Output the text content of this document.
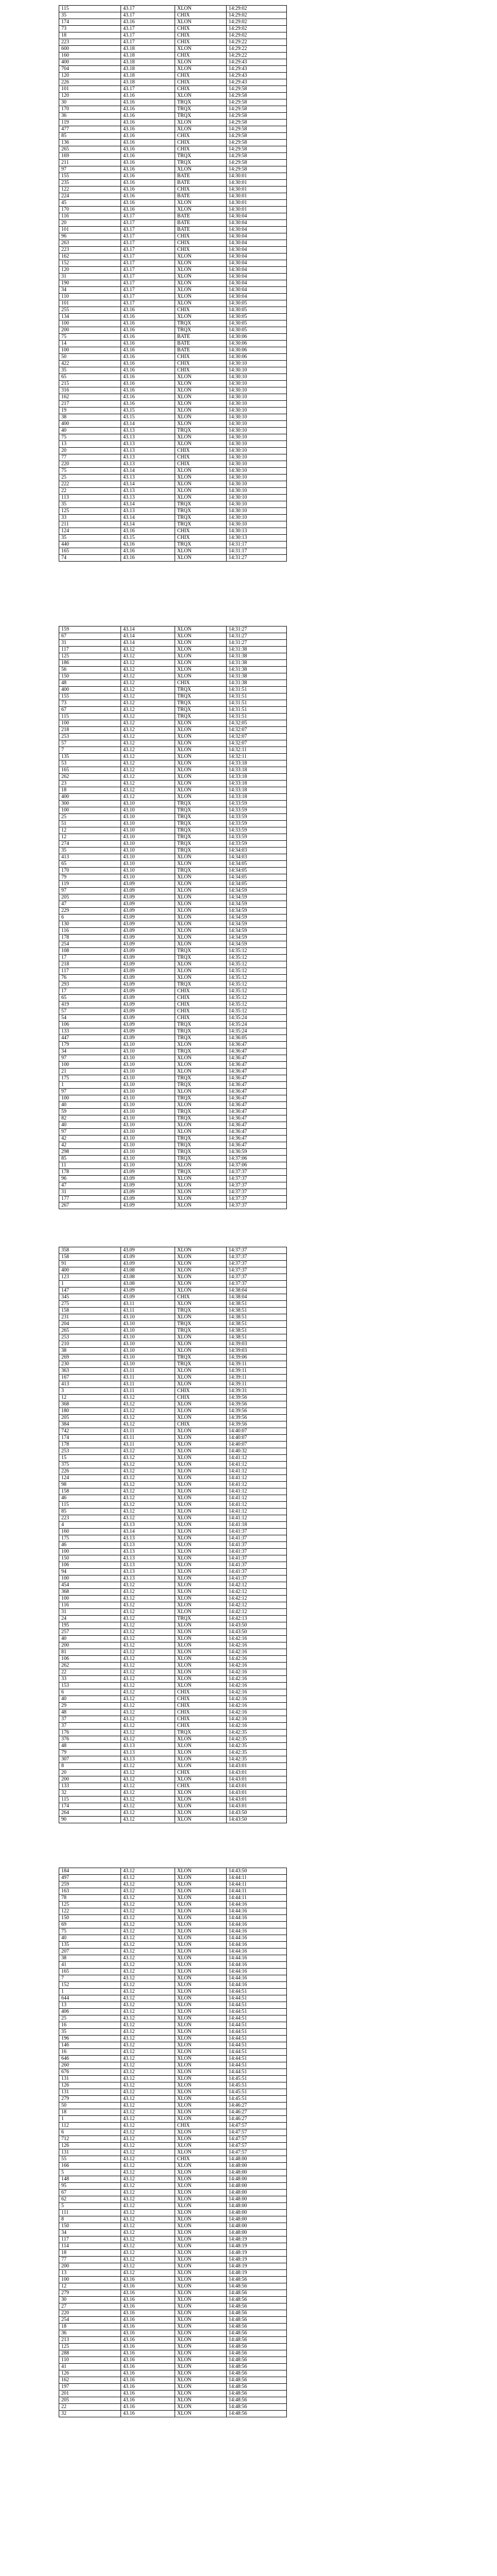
115	43.17	XLON	14:29:02
35	43.17	CHIX	14:29:02
174	43.16	XLON	14:29:02
73	43.17	CHIX	14:29:02
18	43.17	CHIX	14:29:02
223	43.17	CHIX	14:29:22
600	43.18	XLON	14:29:22
160	43.18	CHIX	14:29:22
400	43.18	XLON	14:29:43
704	43.18	XLON	14:29:43
120	43.18	CHIX	14:29:43
226	43.18	CHIX	14:29:43
101	43.17	CHIX	14:29:58
120	43.16	XLON	14:29:58
30	43.16	TRQX	14:29:58
170	43.16	TRQX	14:29:58
36	43.16	TRQX	14:29:58
119	43.16	XLON	14:29:58
477	43.16	XLON	14:29:58
85	43.16	CHIX	14:29:58
136	43.16	CHIX	14:29:58
265	43.16	CHIX	14:29:58
169	43.16	TRQX	14:29:58
211	43.16	TRQX	14:29:58
97	43.16	XLON	14:29:58
155	43.16	BATE	14:30:01
235	43.16	BATE	14:30:01
122	43.16	CHIX	14:30:01
224	43.16	BATE	14:30:01
45	43.16	XLON	14:30:01
170	43.16	XLON	14:30:01
116	43.17	BATE	14:30:04
20	43.17	BATE	14:30:04
101	43.17	BATE	14:30:04
96	43.17	CHIX	14:30:04
263	43.17	CHIX	14:30:04
223	43.17	CHIX	14:30:04
162	43.17	XLON	14:30:04
152	43.17	XLON	14:30:04
120	43.17	XLON	14:30:04
31	43.17	XLON	14:30:04
190	43.17	XLON	14:30:04
34	43.17	XLON	14:30:04
110	43.17	XLON	14:30:04
101	43.17	XLON	14:30:05
255	43.16	CHIX	14:30:05
134	43.16	XLON	14:30:05
100	43.16	TRQX	14:30:05
200	43.16	TRQX	14:30:05
75	43.16	BATE	14:30:06
14	43.16	BATE	14:30:06
100	43.16	BATE	14:30:06
50	43.16	CHIX	14:30:06
422	43.16	CHIX	14:30:10
35	43.16	CHIX	14:30:10
65	43.16	XLON	14:30:10
215	43.16	XLON	14:30:10
316	43.16	XLON	14:30:10
162	43.16	XLON	14:30:10
217	43.16	XLON	14:30:10
19	43.15	XLON	14:30:10
38	43.15	XLON	14:30:10
400	43.14	XLON	14:30:10
40	43.13	TRQX	14:30:10
75	43.13	XLON	14:30:10
13	43.13	XLON	14:30:10
20	43.13	CHIX	14:30:10
77	43.13	CHIX	14:30:10
220	43.13	CHIX	14:30:10
75	43.14	XLON	14:30:10
25	43.13	XLON	14:30:10
222	43.14	XLON	14:30:10
22	43.13	XLON	14:30:10
113	43.13	XLON	14:30:10
35	43.14	TRQX	14:30:10
125	43.13	TRQX	14:30:10
33	43.14	TRQX	14:30:10
211	43.14	TRQX	14:30:10
124	43.16	CHIX	14:30:13
35	43.15	CHIX	14:30:13
440	43.16	TRQX	14:31:17
165	43.16	XLON	14:31:17
74	43.16	XLON	14:31:27
159	43.14	XLON	14:31:27
67	43.14	XLON	14:31:27
31	43.14	XLON	14:31:27
117	43.12	XLON	14:31:38
125	43.12	XLON	14:31:38
186	43.12	XLON	14:31:38
56	43.12	XLON	14:31:38
150	43.12	XLON	14:31:38
48	43.12	CHIX	14:31:38
400	43.12	TRQX	14:31:51
155	43.12	TRQX	14:31:51
73	43.12	TRQX	14:31:51
67	43.12	TRQX	14:31:51
115	43.12	TRQX	14:31:51
100	43.12	XLON	14:32:05
218	43.12	XLON	14:32:07
253	43.12	XLON	14:32:07
57	43.12	XLON	14:32:07
7	43.12	XLON	14:32:11
135	43.12	XLON	14:32:11
53	43.12	XLON	14:33:18
165	43.12	XLON	14:33:18
262	43.12	XLON	14:33:18
23	43.12	XLON	14:33:18
18	43.12	XLON	14:33:18
400	43.12	XLON	14:33:18
300	43.10	TRQX	14:33:59
100	43.10	TRQX	14:33:59
25	43.10	TRQX	14:33:59
51	43.10	TRQX	14:33:59
12	43.10	TRQX	14:33:59
12	43.10	TRQX	14:33:59
274	43.10	TRQX	14:33:59
35	43.10	TRQX	14:34:03
413	43.10	XLON	14:34:03
65	43.10	XLON	14:34:05
170	43.10	TRQX	14:34:05
79	43.10	XLON	14:34:05
119	43.09	XLON	14:34:05
97	43.09	XLON	14:34:59
205	43.09	XLON	14:34:59
47	43.09	XLON	14:34:59
229	43.09	XLON	14:34:59
6	43.09	XLON	14:34:59
130	43.09	XLON	14:34:59
116	43.09	XLON	14:34:59
178	43.09	XLON	14:34:59
254	43.09	XLON	14:34:59
108	43.09	TRQX	14:35:12
17	43.09	TRQX	14:35:12
218	43.09	XLON	14:35:12
117	43.09	XLON	14:35:12
76	43.09	XLON	14:35:12
293	43.09	TRQX	14:35:12
17	43.09	CHIX	14:35:12
65	43.09	CHIX	14:35:12
419	43.09	CHIX	14:35:12
57	43.09	CHIX	14:35:12
54	43.09	CHIX	14:35:24
106	43.09	TRQX	14:35:24
133	43.09	TRQX	14:35:24
447	43.09	TRQX	14:36:05
179	43.10	XLON	14:36:47
34	43.10	TRQX	14:36:47
97	43.10	XLON	14:36:47
100	43.10	XLON	14:36:47
21	43.10	XLON	14:36:47
175	43.10	TRQX	14:36:47
1	43.10	TRQX	14:36:47
97	43.10	XLON	14:36:47
100	43.10	TRQX	14:36:47
40	43.10	XLON	14:36:47
59	43.10	TRQX	14:36:47
82	43.10	TRQX	14:36:47
40	43.10	XLON	14:36:47
97	43.10	XLON	14:36:47
42	43.10	TRQX	14:36:47
42	43.10	TRQX	14:36:47
298	43.10	TRQX	14:36:59
85	43.10	TRQX	14:37:06
11	43.10	XLON	14:37:06
178	43.09	TRQX	14:37:37
96	43.09	XLON	14:37:37
47	43.09	XLON	14:37:37
31	43.09	XLON	14:37:37
177	43.09	XLON	14:37:37
267	43.09	XLON	14:37:37
358	43.09	XLON	14:37:37
158	43.09	XLON	14:37:37
91	43.09	XLON	14:37:37
400	43.08	XLON	14:37:37
123	43.08	XLON	14:37:37
1	43.08	XLON	14:37:37
147	43.09	XLON	14:38:04
345	43.09	CHIX	14:38:04
275	43.11	XLON	14:38:51
158	43.11	TRQX	14:38:51
231	43.10	XLON	14:38:51
204	43.10	TRQX	14:38:51
265	43.10	TRQX	14:38:51
253	43.10	XLON	14:38:51
210	43.10	XLON	14:39:03
38	43.10	XLON	14:39:03
269	43.10	TRQX	14:39:06
230	43.10	TRQX	14:39:11
363	43.11	XLON	14:39:11
167	43.11	XLON	14:39:11
413	43.11	XLON	14:39:11
3	43.11	CHIX	14:39:31
12	43.12	CHIX	14:39:56
368	43.12	XLON	14:39:56
180	43.12	XLON	14:39:56
205	43.12	XLON	14:39:56
384	43.12	CHIX	14:39:56
742	43.11	XLON	14:40:07
174	43.11	XLON	14:40:07
178	43.11	XLON	14:40:07
253	43.12	XLON	14:40:32
15	43.12	XLON	14:41:12
375	43.12	XLON	14:41:12
226	43.12	XLON	14:41:12
124	43.12	XLON	14:41:12
98	43.12	XLON	14:41:12
158	43.12	XLON	14:41:12
46	43.12	XLON	14:41:12
115	43.12	XLON	14:41:12
85	43.12	XLON	14:41:12
223	43.12	XLON	14:41:12
4	43.13	XLON	14:41:18
160	43.14	XLON	14:41:37
175	43.13	XLON	14:41:37
46	43.13	XLON	14:41:37
100	43.13	XLON	14:41:37
150	43.13	XLON	14:41:37
106	43.13	XLON	14:41:37
94	43.13	XLON	14:41:37
100	43.13	XLON	14:41:37
454	43.12	XLON	14:42:12
368	43.12	XLON	14:42:12
100	43.12	XLON	14:42:12
116	43.12	XLON	14:42:12
31	43.12	XLON	14:42:12
24	43.12	TRQX	14:42:13
195	43.12	XLON	14:43:50
257	43.12	XLON	14:43:50
40	43.12	XLON	14:42:16
200	43.12	XLON	14:42:16
81	43.12	XLON	14:42:16
106	43.12	XLON	14:42:16
262	43.12	XLON	14:42:16
22	43.12	XLON	14:42:16
33	43.12	XLON	14:42:16
153	43.12	XLON	14:42:16
6	43.12	CHIX	14:42:16
40	43.12	CHIX	14:42:16
29	43.12	CHIX	14:42:16
48	43.12	CHIX	14:42:16
37	43.12	CHIX	14:42:16
37	43.12	CHIX	14:42:16
176	43.12	TRQX	14:42:35
376	43.12	XLON	14:42:35
48	43.13	XLON	14:42:35
79	43.13	XLON	14:42:35
307	43.13	XLON	14:42:35
8	43.12	XLON	14:43:01
20	43.12	CHIX	14:43:01
200	43.12	XLON	14:43:01
133	43.12	CHIX	14:43:01
32	43.12	XLON	14:43:01
115	43.12	XLON	14:43:01
174	43.12	XLON	14:43:01
264	43.12	XLON	14:43:50
90	43.12	XLON	14:43:50
184	43.12	XLON	14:43:50
497	43.12	XLON	14:44:11
259	43.12	XLON	14:44:11
163	43.12	XLON	14:44:11
78	43.12	XLON	14:44:11
125	43.12	XLON	14:44:16
122	43.12	XLON	14:44:16
150	43.12	XLON	14:44:16
69	43.12	XLON	14:44:16
75	43.12	XLON	14:44:16
40	43.12	XLON	14:44:16
135	43.12	XLON	14:44:16
207	43.12	XLON	14:44:16
38	43.12	XLON	14:44:16
41	43.12	XLON	14:44:16
165	43.12	XLON	14:44:16
7	43.12	XLON	14:44:16
152	43.12	XLON	14:44:16
1	43.12	XLON	14:44:51
644	43.12	XLON	14:44:51
13	43.12	XLON	14:44:51
406	43.12	XLON	14:44:51
25	43.12	XLON	14:44:51
16	43.12	XLON	14:44:51
35	43.12	XLON	14:44:51
196	43.12	XLON	14:44:51
146	43.12	XLON	14:44:51
16	43.12	XLON	14:44:51
646	43.12	XLON	14:44:51
260	43.12	XLON	14:44:51
676	43.12	XLON	14:44:51
131	43.12	XLON	14:45:51
126	43.12	XLON	14:45:51
131	43.12	XLON	14:45:51
279	43.12	XLON	14:45:51
50	43.12	XLON	14:46:27
18	43.12	XLON	14:46:27
1	43.12	XLON	14:46:27
112	43.12	CHIX	14:47:57
6	43.12	XLON	14:47:57
712	43.12	XLON	14:47:57
126	43.12	XLON	14:47:57
131	43.12	XLON	14:47:57
55	43.12	CHIX	14:48:00
166	43.12	XLON	14:48:00
5	43.12	XLON	14:48:00
148	43.12	XLON	14:48:00
95	43.12	XLON	14:48:00
67	43.12	XLON	14:48:00
62	43.12	XLON	14:48:00
5	43.12	XLON	14:48:00
111	43.12	XLON	14:48:00
8	43.12	XLON	14:48:00
150	43.12	XLON	14:48:00
34	43.12	XLON	14:48:00
117	43.12	XLON	14:48:19
114	43.12	XLON	14:48:19
18	43.12	XLON	14:48:19
77	43.12	XLON	14:48:19
200	43.12	XLON	14:48:19
13	43.12	XLON	14:48:19
100	43.16	XLON	14:48:56
12	43.16	XLON	14:48:56
279	43.16	XLON	14:48:56
30	43.16	XLON	14:48:56
27	43.16	XLON	14:48:56
220	43.16	XLON	14:48:56
254	43.16	XLON	14:48:56
18	43.16	XLON	14:48:56
36	43.16	XLON	14:48:56
213	43.16	XLON	14:48:56
125	43.16	XLON	14:48:56
288	43.16	XLON	14:48:56
110	43.16	XLON	14:48:56
41	43.16	XLON	14:48:56
126	43.16	XLON	14:48:56
162	43.16	XLON	14:48:56
197	43.16	XLON	14:48:56
201	43.16	XLON	14:48:56
205	43.16	XLON	14:48:56
22	43.16	XLON	14:48:56
32	43.16	XLON	14:48:56
